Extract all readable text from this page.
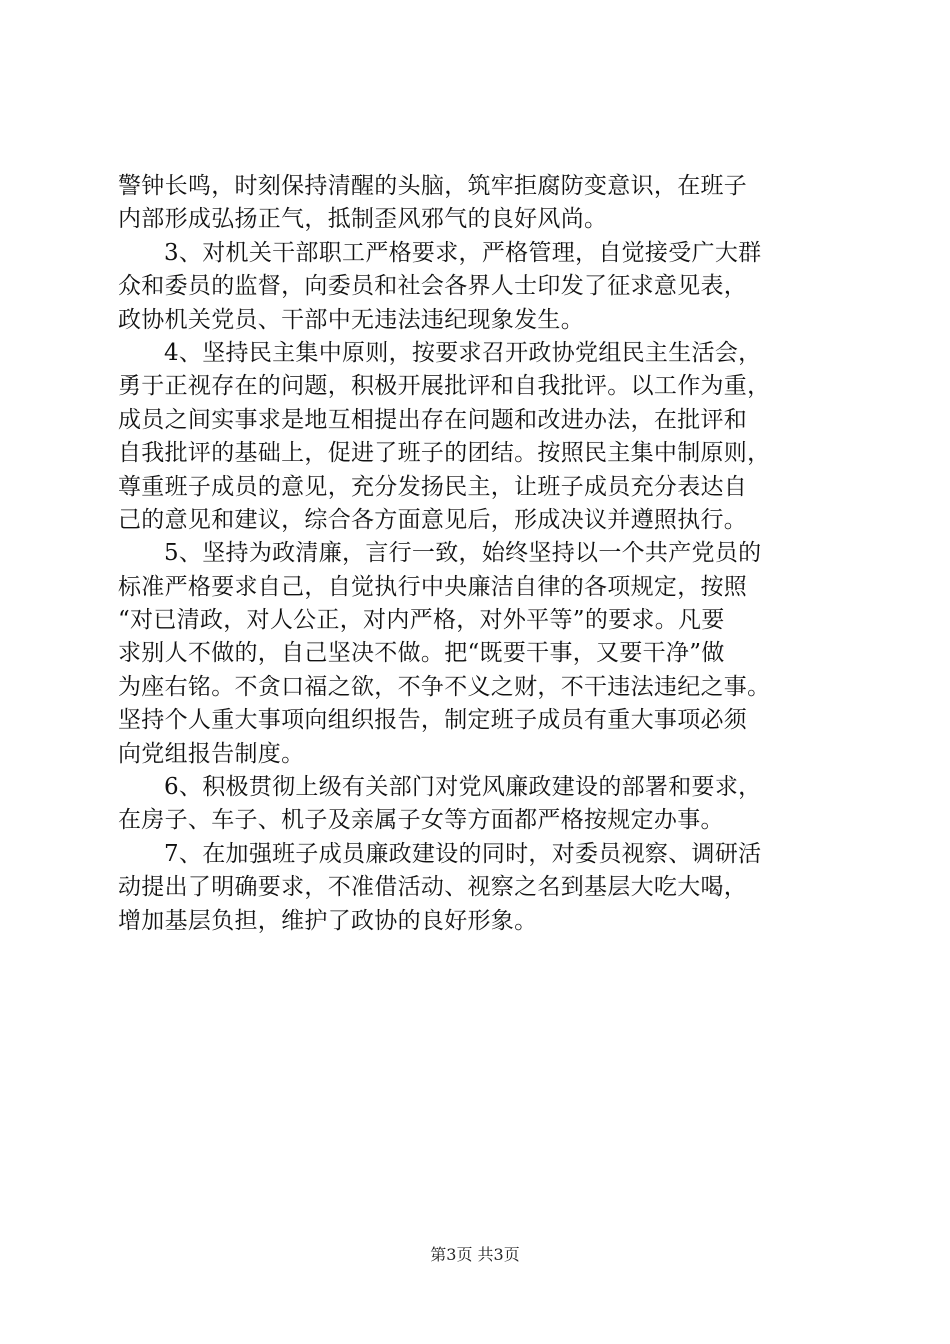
警钟长鸣，时刻保持清醒的头脑，筑牢拒腐防变意识，在班子
内部形成弘扬正气，抵制歪风邪气的良好风尚。
3、对机关干部职工严格要求，严格管理，自觉接受广大群
众和委员的监督，向委员和社会各界人士印发了征求意见表，
政协机关党员、干部中无违法违纪现象发生。
4、坚持民主集中原则，按要求召开政协党组民主生活会，
勇于正视存在的问题，积极开展批评和自我批评。以工作为重，
成员之间实事求是地互相提出存在问题和改进办法，在批评和
自我批评的基础上，促进了班子的团结。按照民主集中制原则，
尊重班子成员的意见，充分发扬民主，让班子成员充分表达自
己的意见和建议，综合各方面意见后，形成决议并遵照执行。
5、坚持为政清廉，言行一致，始终坚持以一个共产党员的
标准严格要求自己，自觉执行中央廉洁自律的各项规定，按照
“对已清政，对人公正，对内严格，对外平等”的要求。凡要
求别人不做的，自己坚决不做。把“既要干事，又要干净”做
为座右铭。不贪口福之欲，不争不义之财，不干违法违纪之事。
坚持个人重大事项向组织报告，制定班子成员有重大事项必须
向党组报告制度。
6、积极贯彻上级有关部门对党风廉政建设的部署和要求，
在房子、车子、机子及亲属子女等方面都严格按规定办事。
7、在加强班子成员廉政建设的同时，对委员视察、调研活
动提出了明确要求，不准借活动、视察之名到基层大吃大喝，
增加基层负担，维护了政协的良好形象。
第3页 共3页
